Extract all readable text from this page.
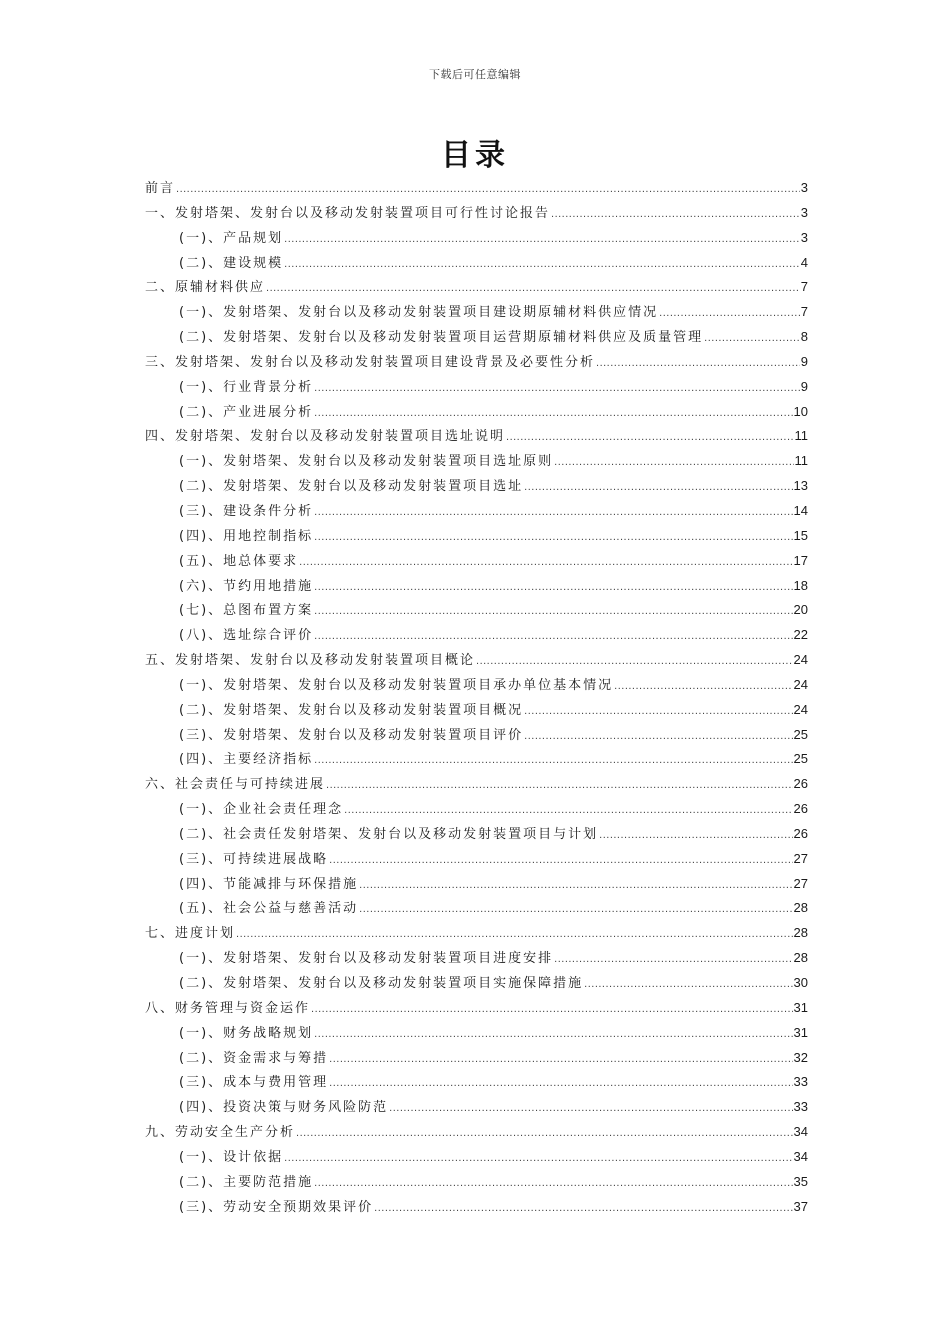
下载后可任意编辑
目录
前言 .....	3
一、发射塔架、发射台以及移动发射装置项目可行性讨论报告 .....	3
(一)、产品规划 .....	3
(二)、建设规模 .....	4
二、原辅材料供应 .....	7
(一)、发射塔架、发射台以及移动发射装置项目建设期原辅材料供应情况 .....	7
(二)、发射塔架、发射台以及移动发射装置项目运营期原辅材料供应及质量管理 .....	8
三、发射塔架、发射台以及移动发射装置项目建设背景及必要性分析 .....	9
(一)、行业背景分析 .....	9
(二)、产业进展分析 .....	10
四、发射塔架、发射台以及移动发射装置项目选址说明 .....	11
(一)、发射塔架、发射台以及移动发射装置项目选址原则 .....	11
(二)、发射塔架、发射台以及移动发射装置项目选址 .....	13
(三)、建设条件分析 .....	14
(四)、用地控制指标 .....	15
(五)、地总体要求 .....	17
(六)、节约用地措施 .....	18
(七)、总图布置方案 .....	20
(八)、选址综合评价 .....	22
五、发射塔架、发射台以及移动发射装置项目概论 .....	24
(一)、发射塔架、发射台以及移动发射装置项目承办单位基本情况 .....	24
(二)、发射塔架、发射台以及移动发射装置项目概况 .....	24
(三)、发射塔架、发射台以及移动发射装置项目评价 .....	25
(四)、主要经济指标 .....	25
六、社会责任与可持续进展 .....	26
(一)、企业社会责任理念 .....	26
(二)、社会责任发射塔架、发射台以及移动发射装置项目与计划 .....	26
(三)、可持续进展战略 .....	27
(四)、节能减排与环保措施 .....	27
(五)、社会公益与慈善活动 .....	28
七、进度计划 .....	28
(一)、发射塔架、发射台以及移动发射装置项目进度安排 .....	28
(二)、发射塔架、发射台以及移动发射装置项目实施保障措施 .....	30
八、财务管理与资金运作 .....	31
(一)、财务战略规划 .....	31
(二)、资金需求与筹措 .....	32
(三)、成本与费用管理 .....	33
(四)、投资决策与财务风险防范 .....	33
九、劳动安全生产分析 .....	34
(一)、设计依据 .....	34
(二)、主要防范措施 .....	35
(三)、劳动安全预期效果评价 .....	37
